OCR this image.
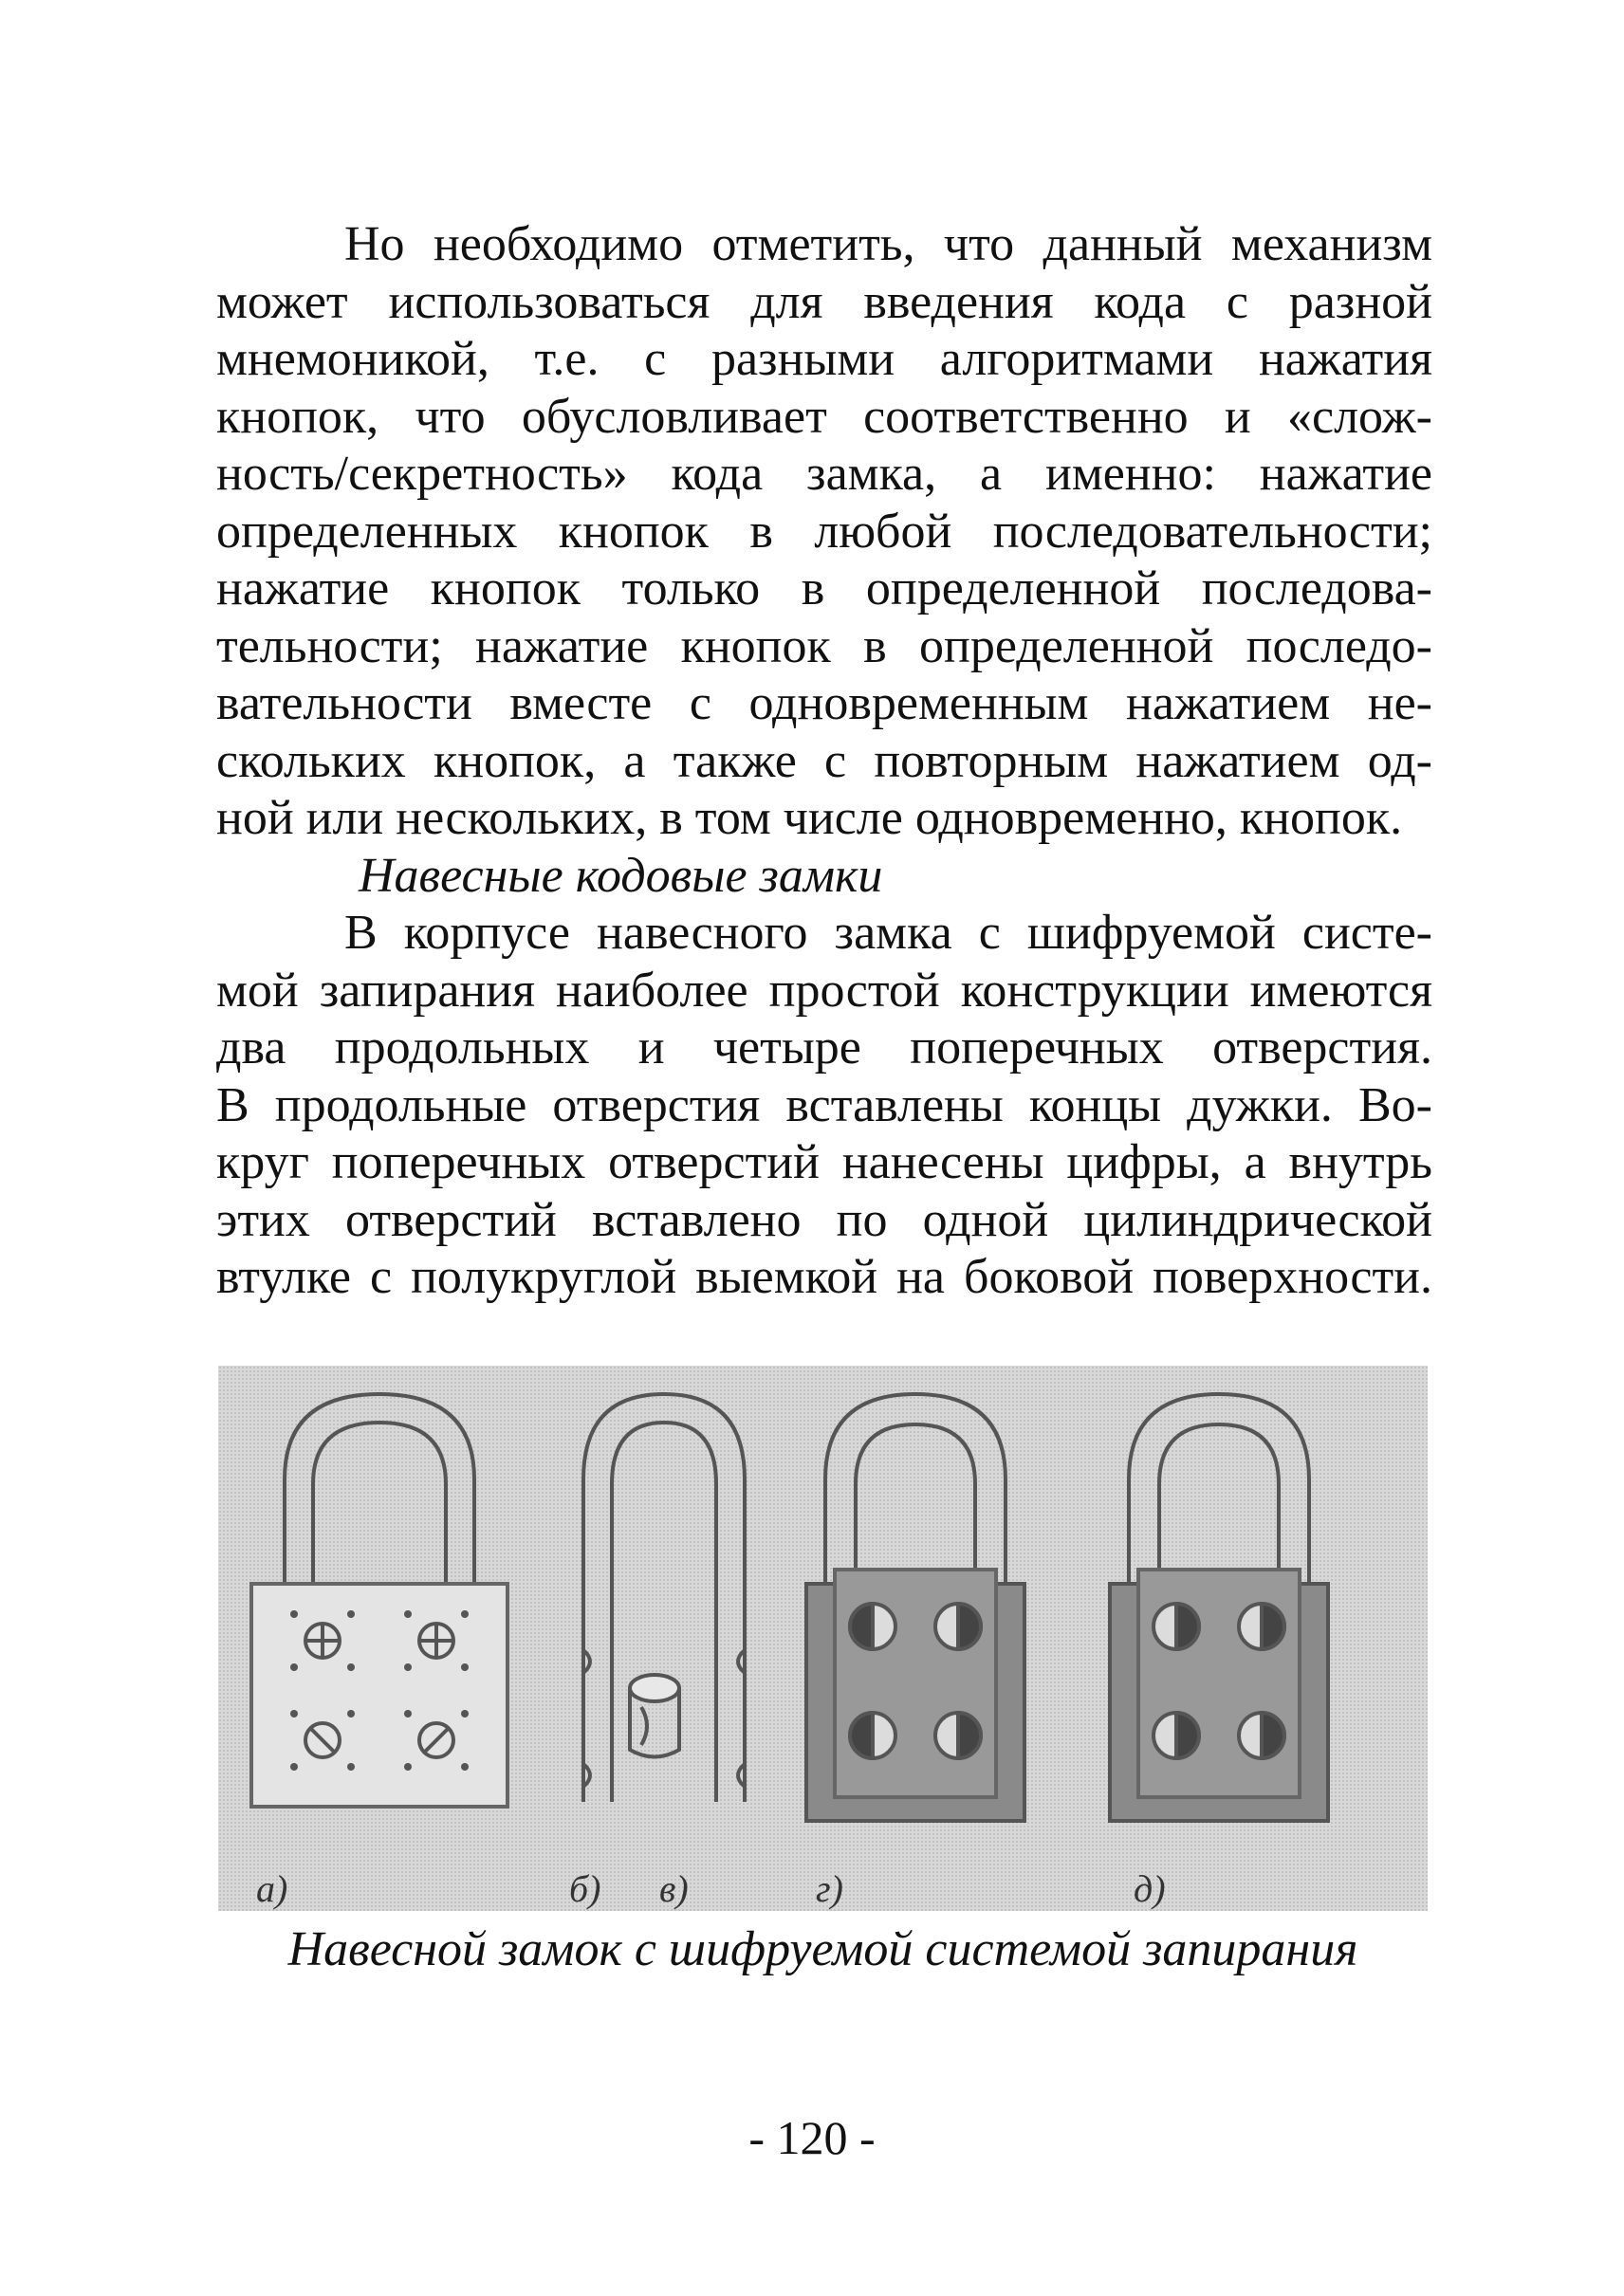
Но необходимо отметить, что данный механизм
может использоваться для введения кода с разной
мнемоникой, т.е. с разными алгоритмами нажатия
кнопок, что обусловливает соответственно и «слож-
ность/секретность» кода замка, а именно: нажатие
определенных кнопок в любой последовательности;
нажатие кнопок только в определенной последова-
тельности; нажатие кнопок в определенной последо-
вательности вместе с одновременным нажатием не-
скольких кнопок, а также с повторным нажатием од-
ной или нескольких, в том числе одновременно, кнопок.
Навесные кодовые замки
В корпусе навесного замка с шифруемой систе-
мой запирания наиболее простой конструкции имеются
два продольных и четыре поперечных отверстия.
В продольные отверстия вставлены концы дужки. Во-
круг поперечных отверстий нанесены цифры, а внутрь
этих отверстий вставлено по одной цилиндрической
втулке с полукруглой выемкой на боковой поверхности.
а)	б) в)	г)	д)
Навесной замок с шифруемой системой запирания
- 120 -
